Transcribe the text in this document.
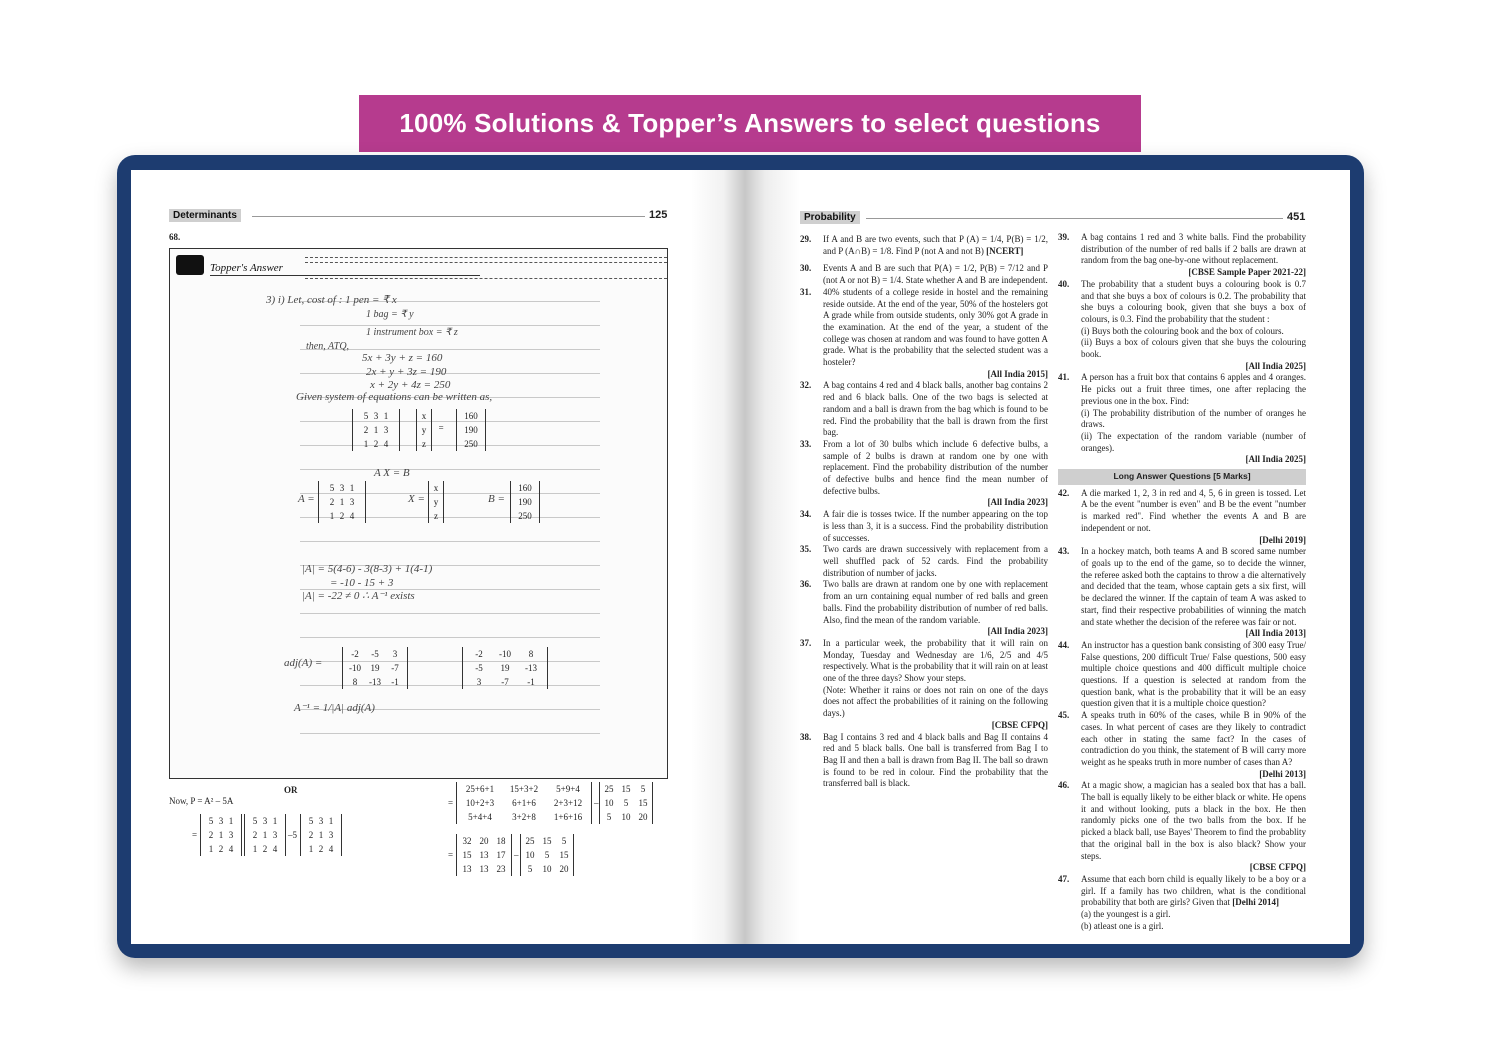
100% Solutions & Topper’s Answers to select questions
Determinants	125
68.
Topper's Answer
3) i) Let, cost of : 1 pen = ₹ x
1 bag = ₹ y
1 instrument box = ₹ z
then, ATQ,
5x + 3y + z = 160
2x + y + 3z = 190
x + 2y + 4z = 250
Given system of equations can be written as,
5 3 1
2 1 3
1 2 4
x
y
z
=
160
190
250
A X = B
A =
5 3 1
2 1 3
1 2 4
X =
x
y
z
B =
160
190
250
|A| = 5(4-6) - 3(8-3) + 1(4-1)
= -10 - 15 + 3
|A| = -22 ≠ 0 ∴ A⁻¹ exists
adj(A) =
-2 -5 3
-10 19 -7
8 -13 -1
-2 -10 8
-5 19 -13
3 -7 -1
A⁻¹ = 1/|A| adj(A)
OR
Now, P = A² – 5A
=
5 3 1
2 1 3
1 2 4
5 3 1
2 1 3
1 2 4
–5
5 3 1
2 1 3
1 2 4
=
25+6+1 15+3+2 5+9+4
10+2+3 6+1+6 2+3+12
5+4+4 3+2+8 1+6+16
–
25 15 5
10 5 15
5 10 20
=
32 20 18
15 13 17
13 13 23
–
25 15 5
10 5 15
5 10 20
Probability	451

29. If A and B are two events, such that P (A) = 1/4, P(B) = 1/2, and P (A∩B) = 1/8. Find P (not A and not B) [NCERT]

30. Events A and B are such that P(A) = 1/2, P(B) = 7/12 and P (not A or not B) = 1/4. State whether A and B are independent.

31. 40% students of a college reside in hostel and the remaining reside outside. At the end of the year, 50% of the hostelers got A grade while from outside students, only 30% got A grade in the examination. At the end of the year, a student of the college was chosen at random and was found to have gotten A grade. What is the probability that the selected student was a hosteler?
[All India 2015]

32. A bag contains 4 red and 4 black balls, another bag contains 2 red and 6 black balls. One of the two bags is selected at random and a ball is drawn from the bag which is found to be red. Find the probability that the ball is drawn from the first bag.

33. From a lot of 30 bulbs which include 6 defective bulbs, a sample of 2 bulbs is drawn at random one by one with replacement. Find the probability distribution of the number of defective bulbs and hence find the mean number of defective bulbs.
[All India 2023]

34. A fair die is tosses twice. If the number appearing on the top is less than 3, it is a success. Find the probability distribution of successes.

35. Two cards are drawn successively with replacement from a well shuffled pack of 52 cards. Find the probability distribution of number of jacks.

36. Two balls are drawn at random one by one with replacement from an urn containing equal number of red balls and green balls. Find the probability distribution of number of red balls. Also, find the mean of the random variable.
[All India 2023]

37. In a particular week, the probability that it will rain on Monday, Tuesday and Wednesday are 1/6, 2/5 and 4/5 respectively. What is the probability that it will rain on at least one of the three days? Show your steps.
(Note: Whether it rains or does not rain on one of the days does not affect the probabilities of it raining on the following days.)
[CBSE CFPQ]

38. Bag I contains 3 red and 4 black balls and Bag II contains 4 red and 5 black balls. One ball is transferred from Bag I to Bag II and then a ball is drawn from Bag II. The ball so drawn is found to be red in colour. Find the probability that the transferred ball is black.

39. A bag contains 1 red and 3 white balls. Find the probability distribution of the number of red balls if 2 balls are drawn at random from the bag one-by-one without replacement.
[CBSE Sample Paper 2021-22]

40. The probability that a student buys a colouring book is 0.7 and that she buys a box of colours is 0.2. The probability that she buys a colouring book, given that she buys a box of colours, is 0.3. Find the probability that the student :
(i) Buys both the colouring book and the box of colours.
(ii) Buys a box of colours given that she buys the colouring book.
[All India 2025]

41. A person has a fruit box that contains 6 apples and 4 oranges. He picks out a fruit three times, one after replacing the previous one in the box. Find:
(i) The probability distribution of the number of oranges he draws.
(ii) The expectation of the random variable (number of oranges).
[All India 2025]

Long Answer Questions [5 Marks]

42. A die marked 1, 2, 3 in red and 4, 5, 6 in green is tossed. Let A be the event "number is even" and B be the event "number is marked red". Find whether the events A and B are independent or not.
[Delhi 2019]

43. In a hockey match, both teams A and B scored same number of goals up to the end of the game, so to decide the winner, the referee asked both the captains to throw a die alternatively and decided that the team, whose captain gets a six first, will be declared the winner. If the captain of team A was asked to start, find their respective probabilities of winning the match and state whether the decision of the referee was fair or not.
[All India 2013]

44. An instructor has a question bank consisting of 300 easy True/ False questions, 200 difficult True/ False questions, 500 easy multiple choice questions and 400 difficult multiple choice questions. If a question is selected at random from the question bank, what is the probability that it will be an easy question given that it is a multiple choice question?

45. A speaks truth in 60% of the cases, while B in 90% of the cases. In what percent of cases are they likely to contradict each other in stating the same fact? In the cases of contradiction do you think, the statement of B will carry more weight as he speaks truth in more number of cases than A?
[Delhi 2013]

46. At a magic show, a magician has a sealed box that has a ball. The ball is equally likely to be either black or white. He opens it and without looking, puts a black in the box. He then randomly picks one of the two balls from the box. If he picked a black ball, use Bayes' Theorem to find the probablity that the original ball in the box is also black? Show your steps.
[CBSE CFPQ]

47. Assume that each born child is equally likely to be a boy or a girl. If a family has two children, what is the conditional probability that both are girls? Given that [Delhi 2014]
(a) the youngest is a girl.
(b) atleast one is a girl.
